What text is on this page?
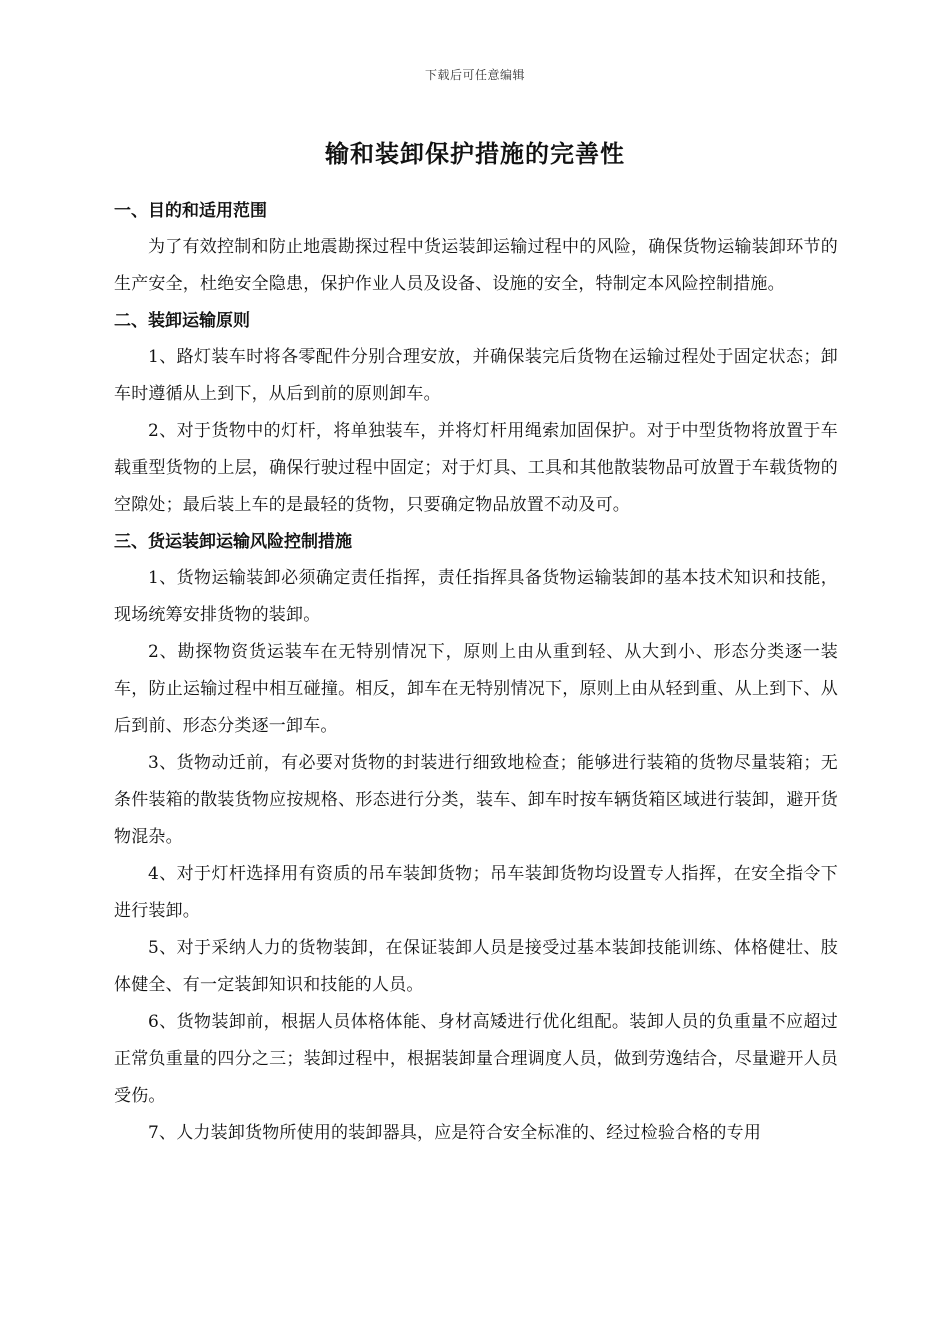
下载后可任意编辑
输和装卸保护措施的完善性
一、目的和适用范围

为了有效控制和防止地震勘探过程中货运装卸运输过程中的风险，确保货物运输装卸环节的生产安全，杜绝安全隐患，保护作业人员及设备、设施的安全，特制定本风险控制措施。

二、装卸运输原则

1、路灯装车时将各零配件分别合理安放，并确保装完后货物在运输过程处于固定状态；卸车时遵循从上到下，从后到前的原则卸车。

2、对于货物中的灯杆，将单独装车，并将灯杆用绳索加固保护。对于中型货物将放置于车载重型货物的上层，确保行驶过程中固定；对于灯具、工具和其他散装物品可放置于车载货物的空隙处；最后装上车的是最轻的货物，只要确定物品放置不动及可。

三、货运装卸运输风险控制措施

1、货物运输装卸必须确定责任指挥，责任指挥具备货物运输装卸的基本技术知识和技能，现场统筹安排货物的装卸。

2、勘探物资货运装车在无特别情况下，原则上由从重到轻、从大到小、形态分类逐一装车，防止运输过程中相互碰撞。相反，卸车在无特别情况下，原则上由从轻到重、从上到下、从后到前、形态分类逐一卸车。

3、货物动迁前，有必要对货物的封装进行细致地检查；能够进行装箱的货物尽量装箱；无条件装箱的散装货物应按规格、形态进行分类，装车、卸车时按车辆货箱区域进行装卸，避开货物混杂。

4、对于灯杆选择用有资质的吊车装卸货物；吊车装卸货物均设置专人指挥，在安全指令下进行装卸。

5、对于采纳人力的货物装卸，在保证装卸人员是接受过基本装卸技能训练、体格健壮、肢体健全、有一定装卸知识和技能的人员。

6、货物装卸前，根据人员体格体能、身材高矮进行优化组配。装卸人员的负重量不应超过正常负重量的四分之三；装卸过程中，根据装卸量合理调度人员，做到劳逸结合，尽量避开人员受伤。

7、人力装卸货物所使用的装卸器具，应是符合安全标准的、经过检验合格的专用
